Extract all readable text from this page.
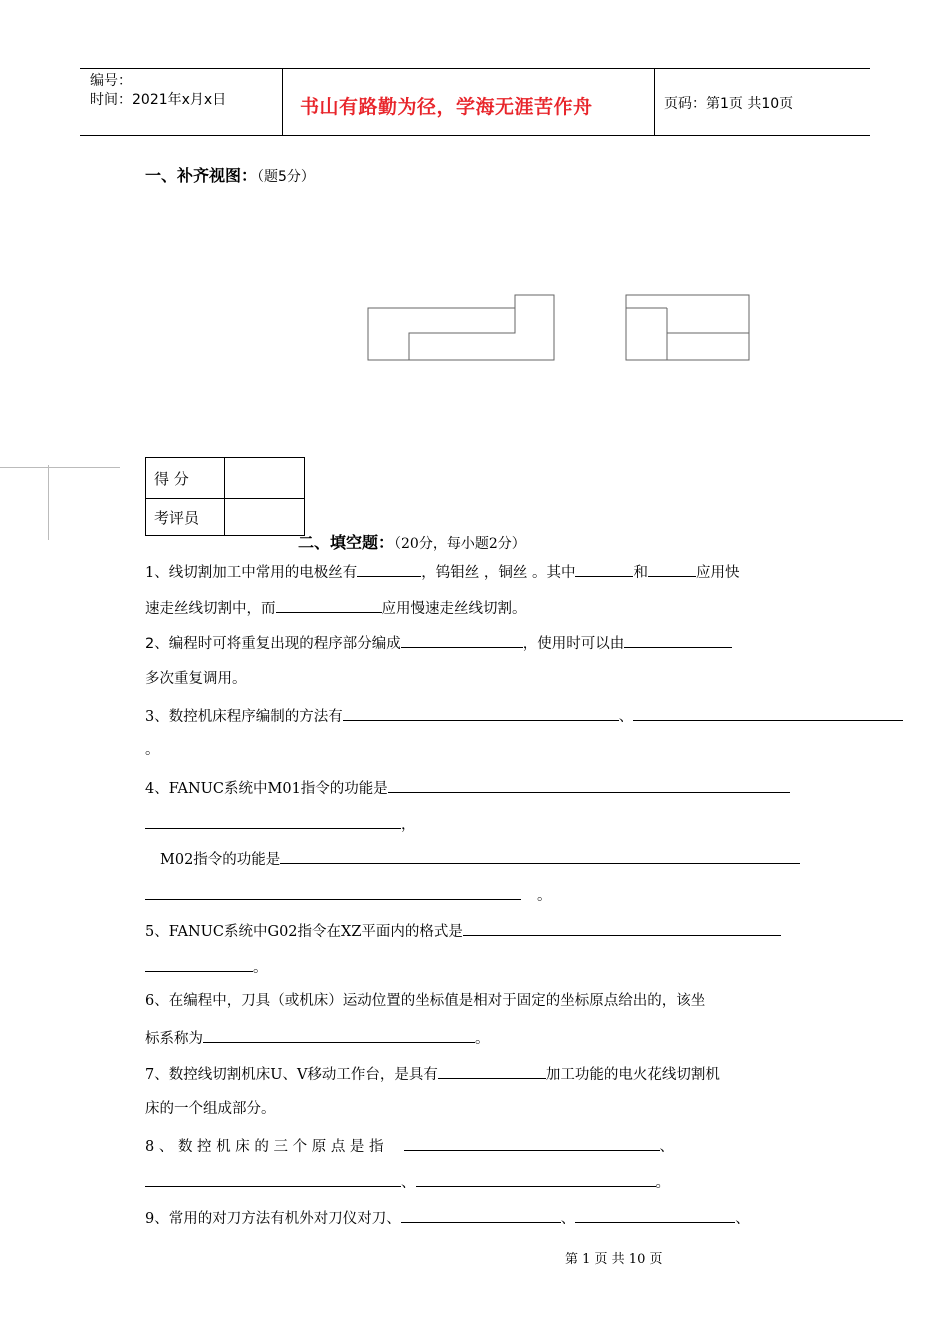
编号：
时间：2021年x月x日	书山有路勤为径，学海无涯苦作舟	页码：第1页 共10页
一、补齐视图：（题5分）
得 分	
考评员	
二、填空题：（20分，每小题2分）
1、线切割加工中常用的电极丝有	，钨钼丝 ，铜丝 。其中	和	应用快
速走丝线切割中，而	应用慢速走丝线切割。
2、编程时可将重复出现的程序部分编成	，使用时可以由
多次重复调用。
3、数控机床程序编制的方法有	、
。
4、FANUC系统中M01指令的功能是
，
M02指令的功能是
。
5、FANUC系统中G02指令在XZ平面内的格式是
。
6、在编程中，刀具（或机床）运动位置的坐标值是相对于固定的坐标原点给出的，该坐
标系称为	。
7、数控线切割机床U、V移动工作台，是具有	加工功能的电火花线切割机
床的一个组成部分。
8 、 数 控 机 床 的 三 个 原 点 是 指	、
、	。
9、常用的对刀方法有机外对刀仪对刀、	、	、
第 1 页 共 10 页
